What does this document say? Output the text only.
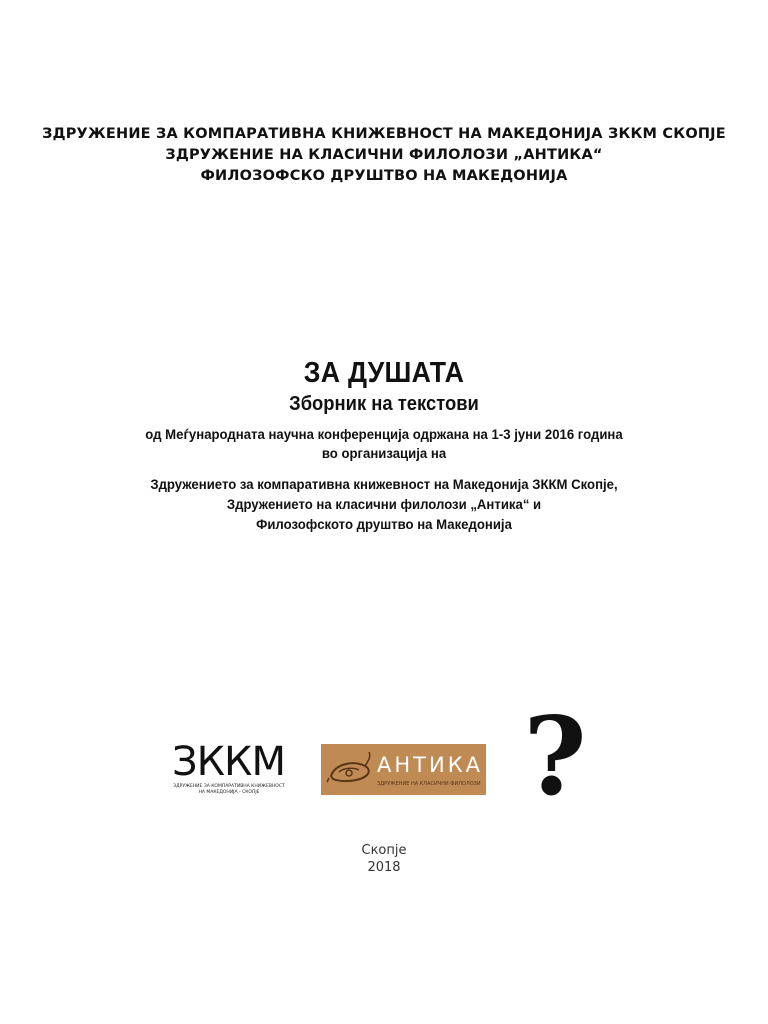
ЗДРУЖЕНИЕ ЗА КОМПАРАТИВНА КНИЖЕВНОСТ НА МАКЕДОНИЈА ЗККМ СКОПЈЕ
ЗДРУЖЕНИЕ НА КЛАСИЧНИ ФИЛОЛОЗИ „АНТИКА“
ФИЛОЗОФСКО ДРУШТВО НА МАКЕДОНИЈА
ЗА ДУШАТА
Зборник на текстови
од Меѓународната научна конференција одржана на 1-3 јуни 2016 година
во организација на
Здружението за компаративна книжевност на Македонија ЗККМ Скопје,
Здружението на класични филолози „Антика“ и
Филозофското друштво на Македонија
ЗККМ
ЗДРУЖЕНИЕ ЗА КОМПАРАТИВНА КНИЖЕВНОСТ
НА МАКЕДОНИЈА - СКОПЈЕ
АНТИКА
ЗДРУЖЕНИЕ НА КЛАСИЧНИ ФИЛОЛОЗИ ?
Скопје
2018
